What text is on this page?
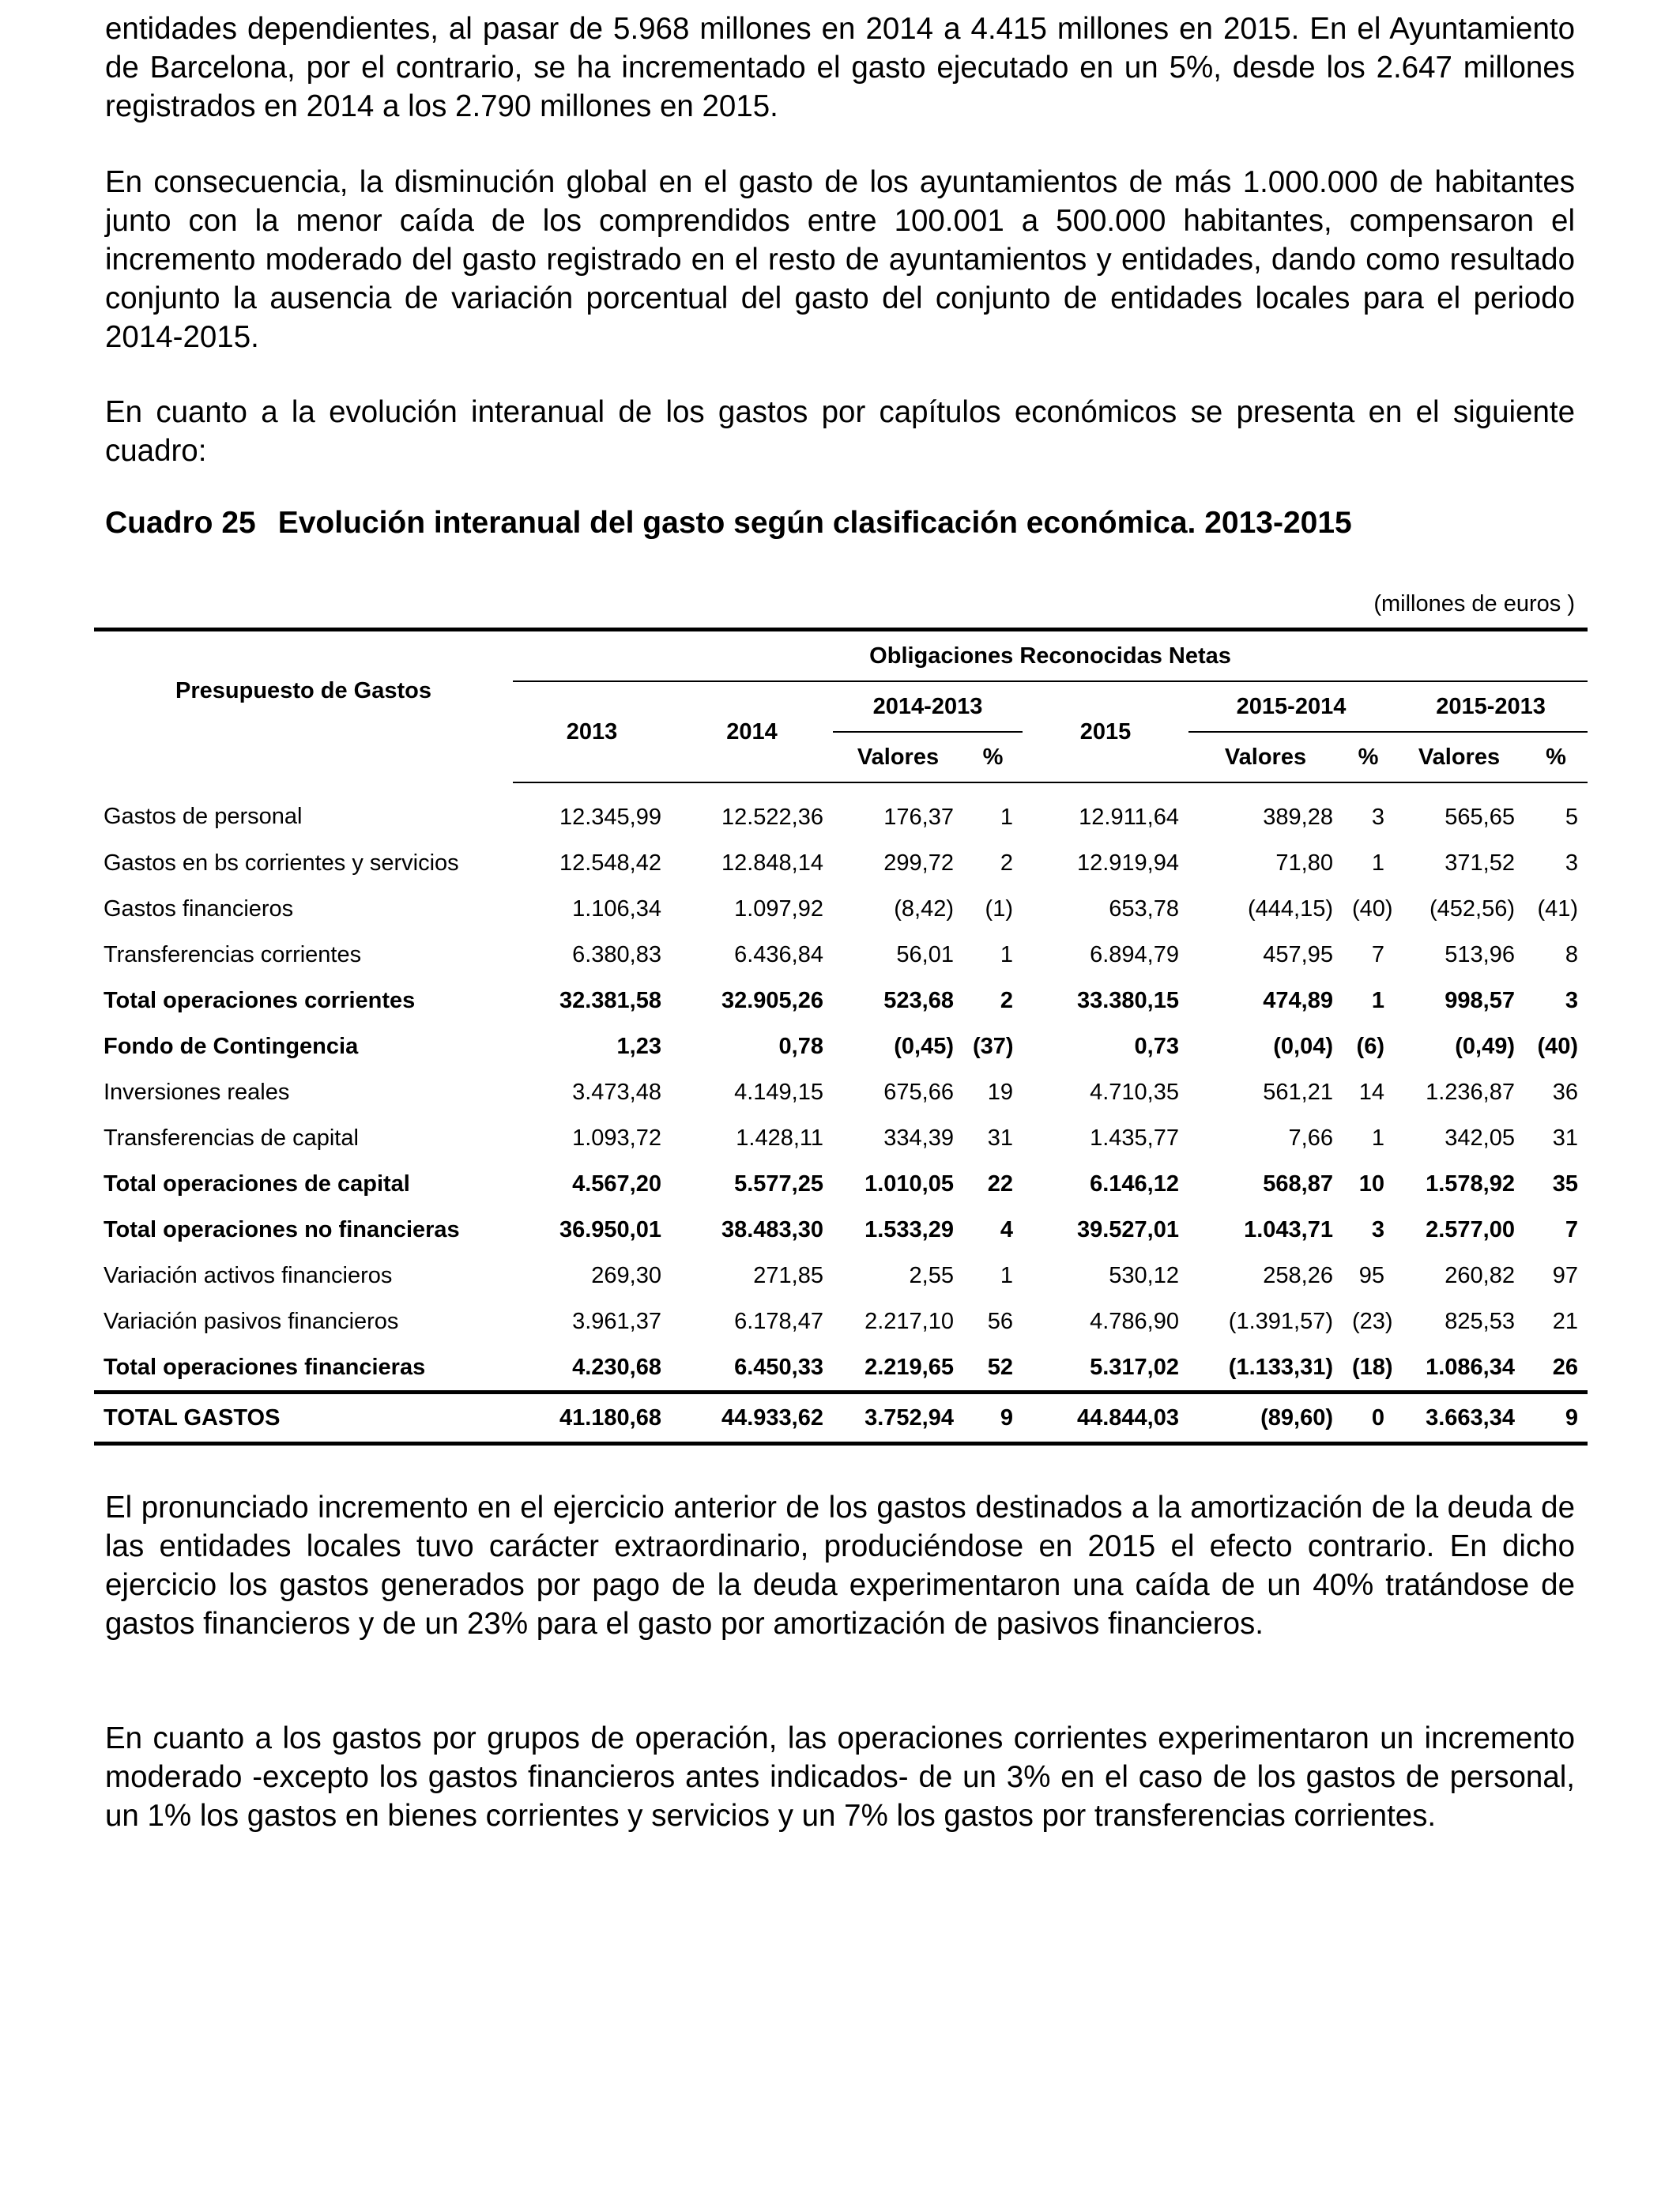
entidades dependientes, al pasar de 5.968 millones en 2014 a 4.415 millones en 2015. En el Ayuntamiento de Barcelona, por el contrario, se ha incrementado el gasto ejecutado en un 5%, desde los 2.647 millones registrados en 2014 a los 2.790 millones en 2015.

En consecuencia, la disminución global en el gasto de los ayuntamientos de más 1.000.000 de habitantes junto con la menor caída de los comprendidos entre 100.001 a 500.000 habitantes, compensaron el incremento moderado del gasto registrado en el resto de ayuntamientos y entidades, dando como resultado conjunto la ausencia de variación porcentual del gasto del conjunto de entidades locales para el periodo 2014-2015.

En cuanto a la evolución interanual de los gastos por capítulos económicos se presenta en el siguiente cuadro:

Cuadro 25 Evolución interanual del gasto según clasificación económica. 2013-2015
(millones de euros )
Presupuesto de Gastos	Obligaciones Reconocidas Netas								
	2013	2014	2014-2013		2015	2015-2014		2015-2013	
			Valores	%		Valores	%	Valores	%
Gastos de personal	12.345,99	12.522,36	176,37	1	12.911,64	389,28	3	565,65	5
Gastos en bs corrientes y servicios	12.548,42	12.848,14	299,72	2	12.919,94	71,80	1	371,52	3
Gastos financieros	1.106,34	1.097,92	(8,42)	(1)	653,78	(444,15)	(40)	(452,56)	(41)
Transferencias corrientes	6.380,83	6.436,84	56,01	1	6.894,79	457,95	7	513,96	8
Total operaciones corrientes	32.381,58	32.905,26	523,68	2	33.380,15	474,89	1	998,57	3
Fondo de Contingencia	1,23	0,78	(0,45)	(37)	0,73	(0,04)	(6)	(0,49)	(40)
Inversiones reales	3.473,48	4.149,15	675,66	19	4.710,35	561,21	14	1.236,87	36
Transferencias de capital	1.093,72	1.428,11	334,39	31	1.435,77	7,66	1	342,05	31
Total operaciones de capital	4.567,20	5.577,25	1.010,05	22	6.146,12	568,87	10	1.578,92	35
Total operaciones no financieras	36.950,01	38.483,30	1.533,29	4	39.527,01	1.043,71	3	2.577,00	7
Variación activos financieros	269,30	271,85	2,55	1	530,12	258,26	95	260,82	97
Variación pasivos financieros	3.961,37	6.178,47	2.217,10	56	4.786,90	(1.391,57)	(23)	825,53	21
Total operaciones financieras	4.230,68	6.450,33	2.219,65	52	5.317,02	(1.133,31)	(18)	1.086,34	26
TOTAL GASTOS	41.180,68	44.933,62	3.752,94	9	44.844,03	(89,60)	0	3.663,34	9

El pronunciado incremento en el ejercicio anterior de los gastos destinados a la amortización de la deuda de las entidades locales tuvo carácter extraordinario, produciéndose en 2015 el efecto contrario. En dicho ejercicio los gastos generados por pago de la deuda experimentaron una caída de un 40% tratándose de gastos financieros y de un 23% para el gasto por amortización de pasivos financieros.

En cuanto a los gastos por grupos de operación, las operaciones corrientes experimentaron un incremento moderado -excepto los gastos financieros antes indicados- de un 3% en el caso de los gastos de personal, un 1% los gastos en bienes corrientes y servicios y un 7% los gastos por transferencias corrientes.
